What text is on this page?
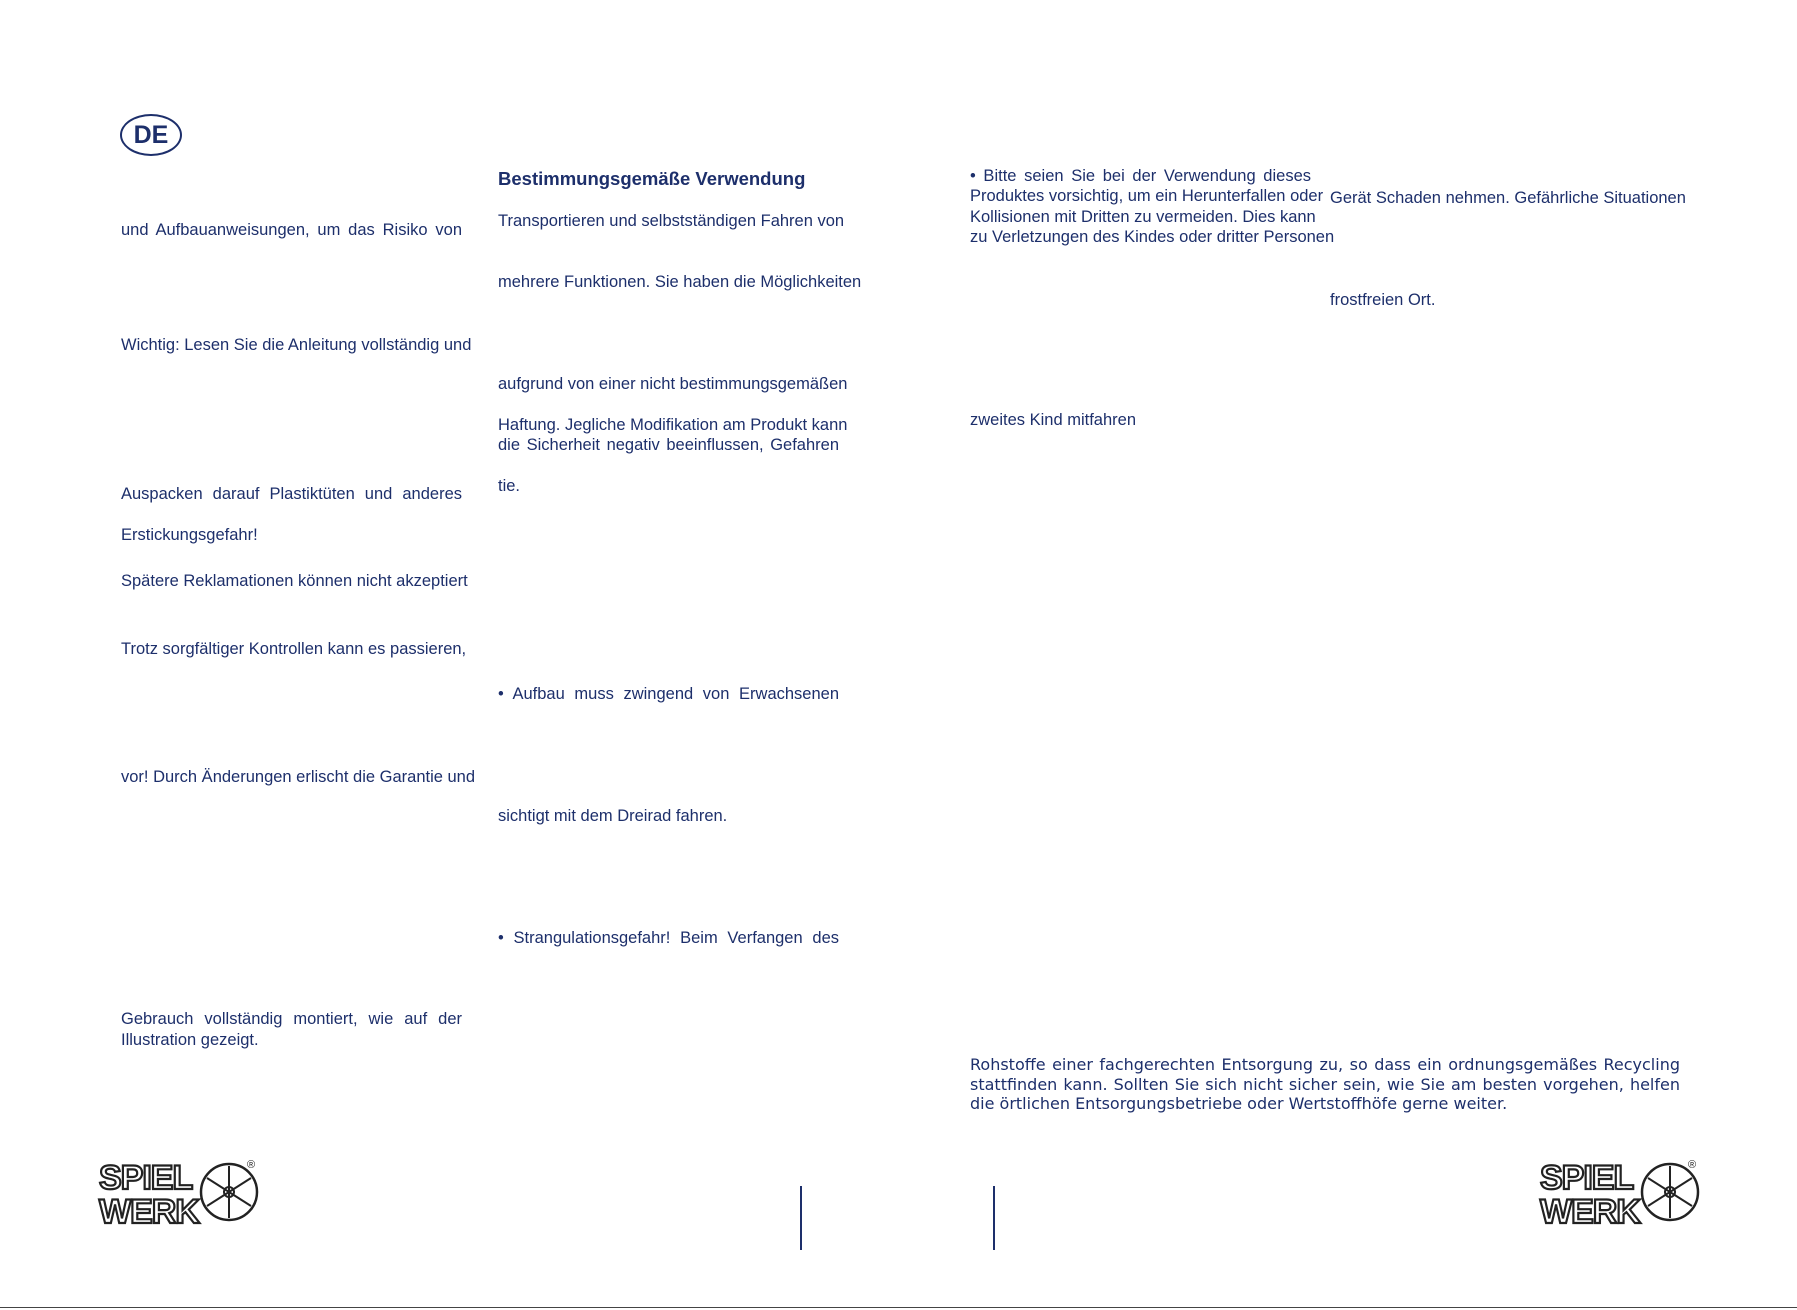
DE
und Aufbauanweisungen, um das Risiko von
Wichtig: Lesen Sie die Anleitung vollständig und
Auspacken darauf Plastiktüten und anderes
Erstickungsgefahr!
Spätere Reklamationen können nicht akzeptiert
Trotz sorgfältiger Kontrollen kann es passieren,
vor! Durch Änderungen erlischt die Garantie und
Gebrauch vollständig montiert, wie auf der
Illustration gezeigt.
Bestimmungsgemäße Verwendung
Transportieren und selbstständigen Fahren von
mehrere Funktionen. Sie haben die Möglichkeiten
aufgrund von einer nicht bestimmungsgemäßen
Haftung. Jegliche Modifikation am Produkt kann
die Sicherheit negativ beeinflussen, Gefahren
tie.
• Aufbau muss zwingend von Erwachsenen
sichtigt mit dem Dreirad fahren.
• Strangulationsgefahr! Beim Verfangen des
SPIEL
WERK
®
• Bitte seien Sie bei der Verwendung dieses
Produktes vorsichtig, um ein Herunterfallen oder
Kollisionen mit Dritten zu vermeiden. Dies kann
zu Verletzungen des Kindes oder dritter Personen
zweites Kind mitfahren
Gerät Schaden nehmen. Gefährliche Situationen
frostfreien Ort.

Rohstoffe einer fachgerechten Entsorgung zu, so dass ein ordnungsgemäßes Recycling

stattfinden kann. Sollten Sie sich nicht sicher sein, wie Sie am besten vorgehen, helfen

die örtlichen Entsorgungsbetriebe oder Wertstoffhöfe gerne weiter.

SPIEL
WERK
®
